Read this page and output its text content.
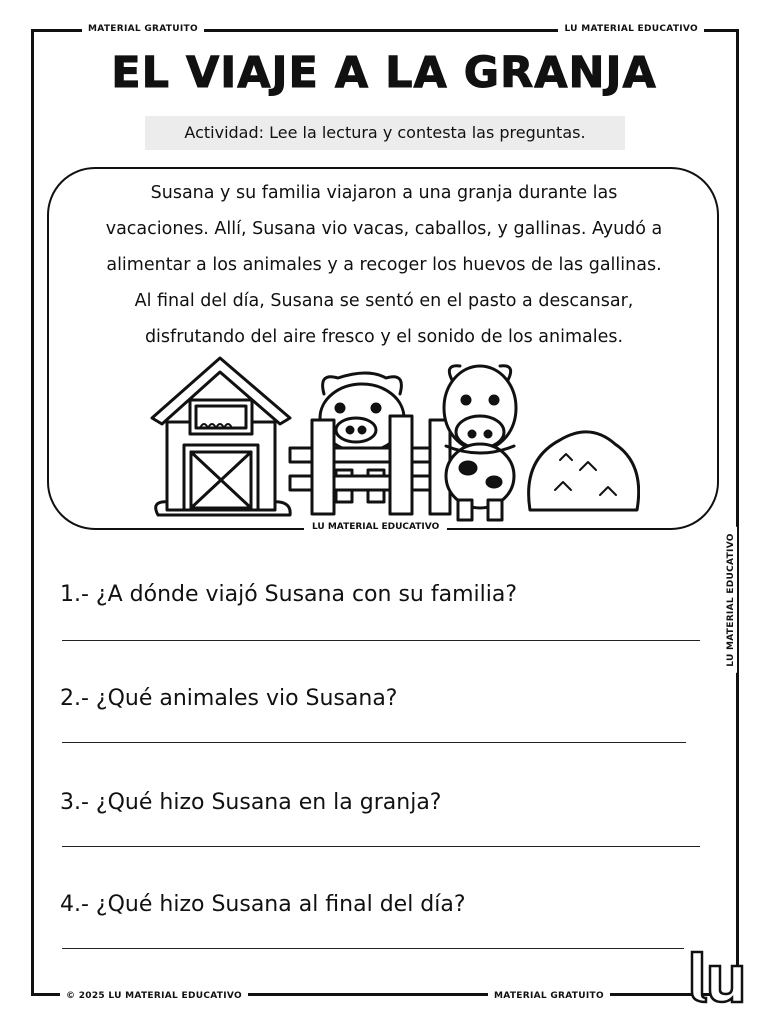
MATERIAL GRATUITO	LU MATERIAL EDUCATIVO
LU MATERIAL EDUCATIVO
EL VIAJE A LA GRANJA
Actividad: Lee la lectura y contesta las preguntas.
Susana y su familia viajaron a una granja durante las
vacaciones. Allí, Susana vio vacas, caballos, y gallinas. Ayudó a
alimentar a los animales y a recoger los huevos de las gallinas.
Al final del día, Susana se sentó en el pasto a descansar,
disfrutando del aire fresco y el sonido de los animales.
LU MATERIAL EDUCATIVO
1.- ¿A dónde viajó Susana con su familia?
2.- ¿Qué animales vio Susana?
3.- ¿Qué hizo Susana en la granja?
4.- ¿Qué hizo Susana al final del día?
© 2025 LU MATERIAL EDUCATIVO	MATERIAL GRATUITO
